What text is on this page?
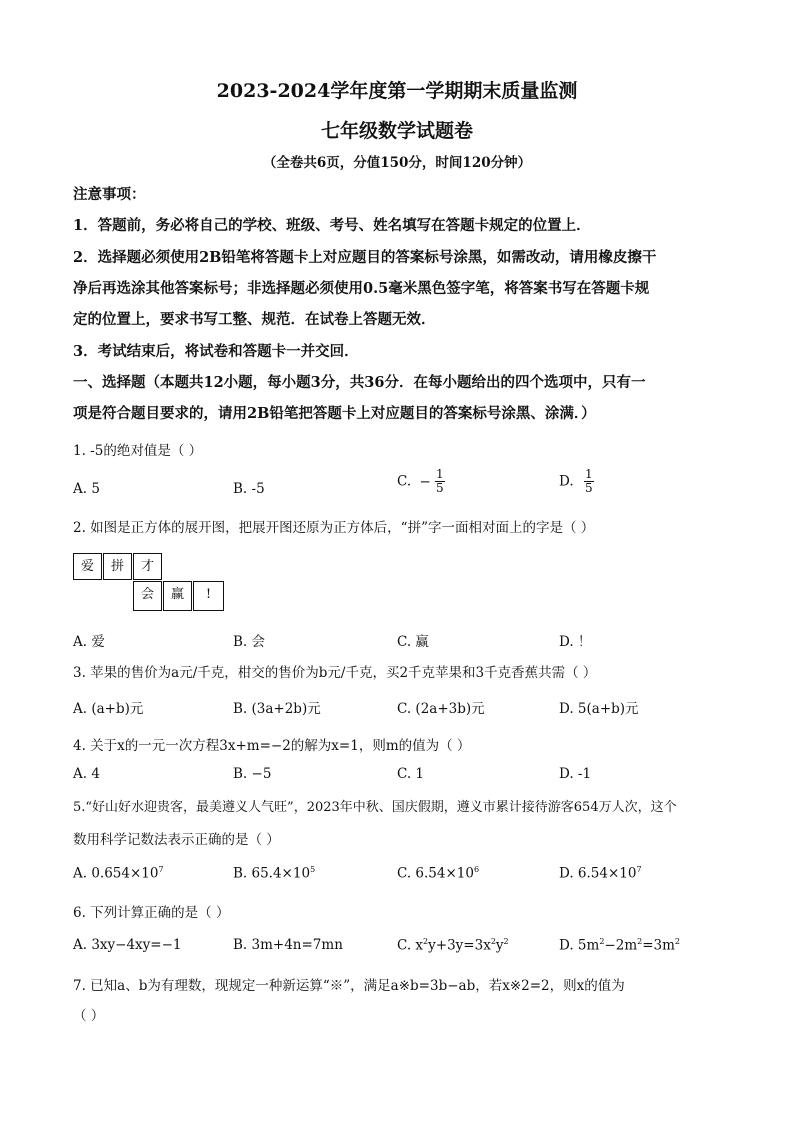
2023-2024学年度第一学期期末质量监测
七年级数学试题卷
（全卷共6页，分值150分，时间120分钟）
注意事项：
1．答题前，务必将自己的学校、班级、考号、姓名填写在答题卡规定的位置上．
2．选择题必须使用2B铅笔将答题卡上对应题目的答案标号涂黑，如需改动，请用橡皮擦干
净后再选涂其他答案标号；非选择题必须使用0.5毫米黑色签字笔，将答案书写在答题卡规
定的位置上，要求书写工整、规范．在试卷上答题无效．
3．考试结束后，将试卷和答题卡一并交回．
一、选择题（本题共12小题，每小题3分，共36分．在每小题给出的四个选项中，只有一
项是符合题目要求的，请用2B铅笔把答题卡上对应题目的答案标号涂黑、涂满．）
1. -5的绝对值是（ ）
A. 5	B. -5	C. − $\frac{1}{5}$	D. $\frac{1}{5}$
2. 如图是正方体的展开图，把展开图还原为正方体后，“拼”字一面相对面上的字是（ ）
爱	拼	才
会	赢	!
A. 爱	B. 会	C. 赢	D. ！
3. 苹果的售价为a元/千克，柑交的售价为b元/千克，买2千克苹果和3千克香蕉共需（ ）
A. (a+b)元	B. (3a+2b)元	C. (2a+3b)元	D. 5(a+b)元
4. 关于x的一元一次方程3x+m=−2的解为x=1，则m的值为（ ）
A. 4	B. −5	C. 1	D. -1
5.“好山好水迎贵客，最美遵义人气旺”，2023年中秋、国庆假期，遵义市累计接待游客654万人次，这个
数用科学记数法表示正确的是（ ）
A. $0.654\times 10^7$	B. $65.4\times 10^5$	C. $6.54\times 10^6$	D. $6.54\times 10^7$
6. 下列计算正确的是（ ）
A. 3xy−4xy=−1	B. 3m+4n=7mn	C. $x^2y+3y=3x^2y^2$	D. $5m^2-2m^2=3m^2$
7. 已知a、b为有理数，现规定一种新运算“※”，满足a※b=3b−ab，若x※2=2，则x的值为
（ ）
